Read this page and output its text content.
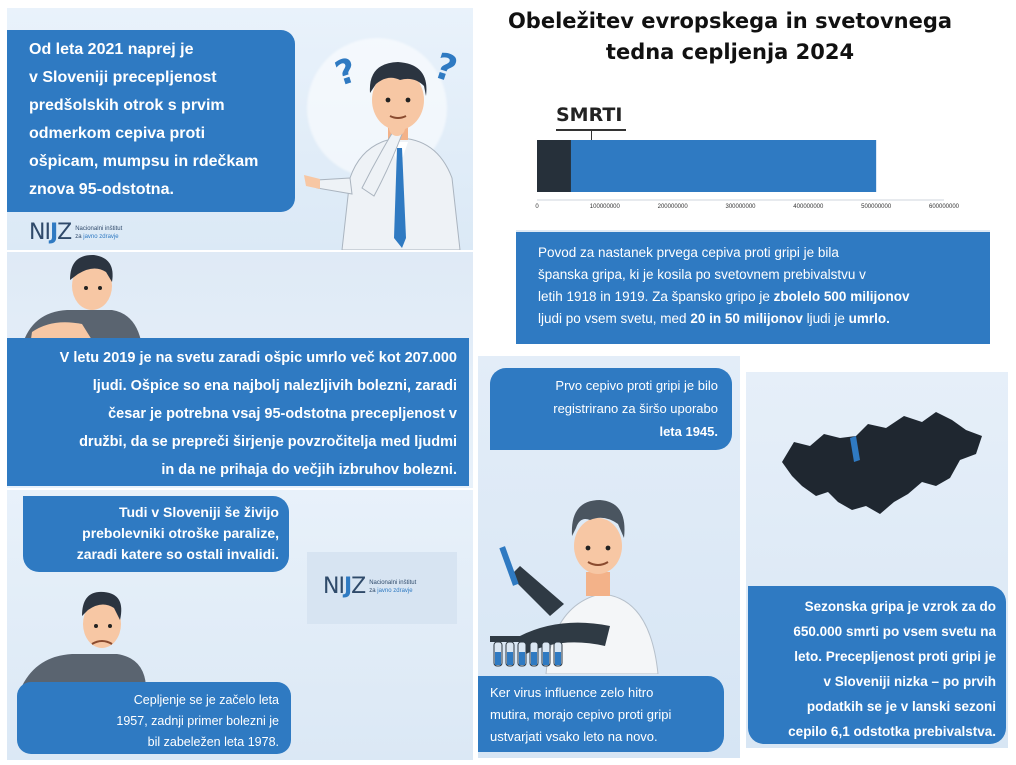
Obeležitev evropskega in svetovnega
tedna cepljenja 2024
Od leta 2021 naprej je
v Sloveniji precepljenost
predšolskih otrok s prvim
odmerkom cepiva proti
ošpicam, mumpsu in rdečkam
znova 95-odstotna.
NIJZ Nacionalni inštitut
za javno zdravje
? ?
V letu 2019 je na svetu zaradi ošpic umrlo več kot 207.000
ljudi. Ošpice so ena najbolj nalezljivih bolezni, zaradi
česar je potrebna vsaj 95-odstotna precepljenost v
družbi, da se prepreči širjenje povzročitelja med ljudmi
in da ne prihaja do večjih izbruhov bolezni.
Tudi v Sloveniji še živijo
prebolevniki otroške paralize,
zaradi katere so ostali invalidi.
NIJZ Nacionalni inštitut
za javno zdravje
Cepljenje se je začelo leta
1957, zadnji primer bolezni je
bil zabeležen leta 1978.
SMRTI
0	100000000	200000000	300000000	400000000	500000000	600000000
Povod za nastanek prvega cepiva proti gripi je bila
španska gripa, ki je kosila po svetovnem prebivalstvu v
letih 1918 in 1919. Za špansko gripo je zbolelo 500 milijonov
ljudi po vsem svetu, med 20 in 50 milijonov ljudi je umrlo.
Prvo cepivo proti gripi je bilo
registrirano za širšo uporabo
leta 1945.
Ker virus influence zelo hitro
mutira, morajo cepivo proti gripi
ustvarjati vsako leto na novo.
Sezonska gripa je vzrok za do
650.000 smrti po vsem svetu na
leto. Precepljenost proti gripi je
v Sloveniji nizka – po prvih
podatkih se je v lanski sezoni
cepilo 6,1 odstotka prebivalstva.
